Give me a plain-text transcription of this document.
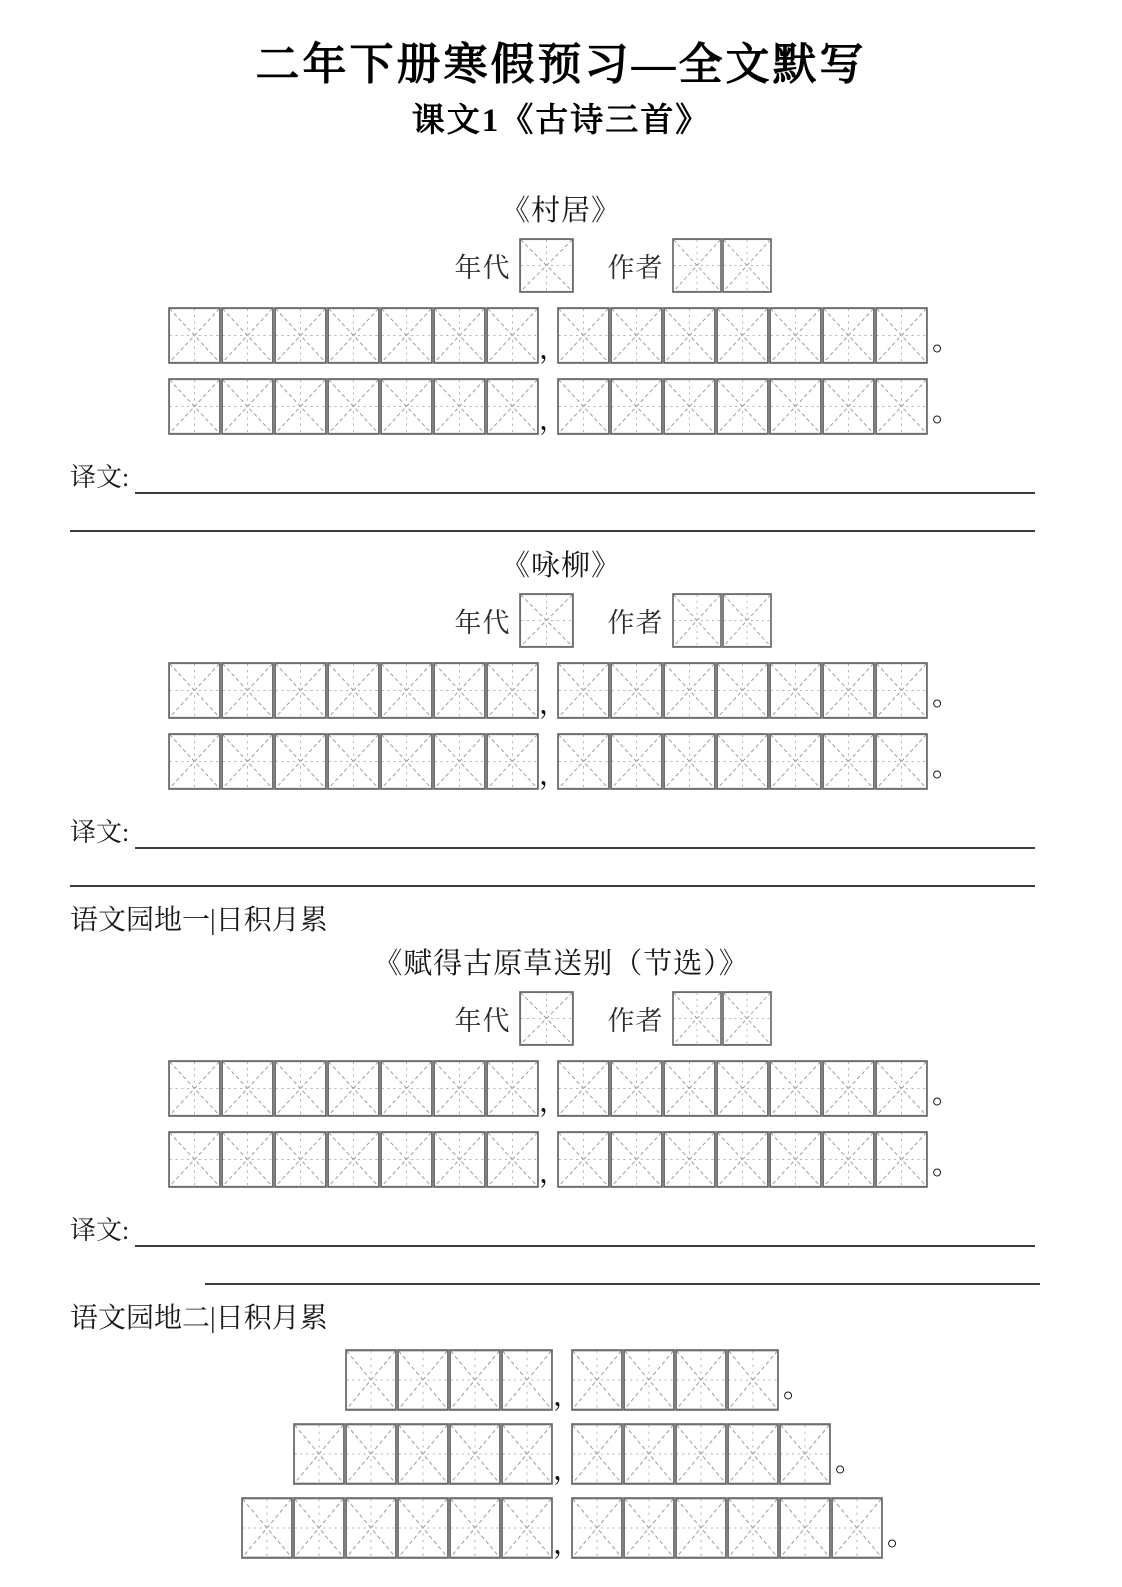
二年下册寒假预习—全文默写
课文1《古诗三首》
《村居》
年代	作者
，	。
，	。
译文:
《咏柳》
年代	作者
，	。
，	。
译文:
语文园地一|日积月累
《赋得古原草送别（节选）》
年代	作者
，	。
，	。
译文:
语文园地二|日积月累
，	。
，	。
，	。
